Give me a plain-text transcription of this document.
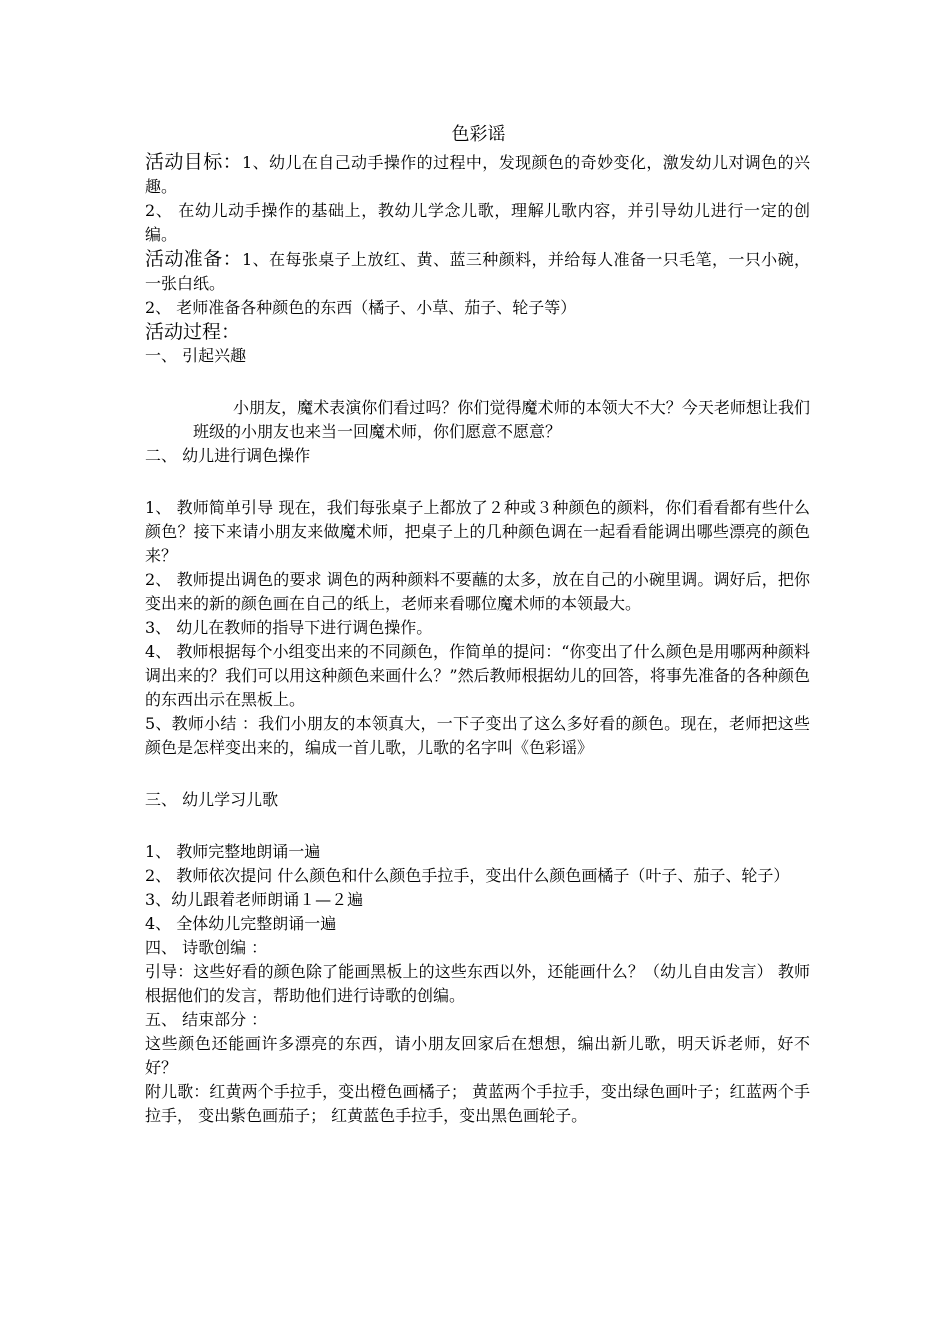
色彩谣

活动目标：1、幼儿在自己动手操作的过程中，发现颜色的奇妙变化，激发幼儿对调色的兴趣。

2、 在幼儿动手操作的基础上，教幼儿学念儿歌，理解儿歌内容，并引导幼儿进行一定的创编。

活动准备：1、在每张桌子上放红、黄、蓝三种颜料，并给每人准备一只毛笔，一只小碗， 一张白纸。

2、 老师准备各种颜色的东西（橘子、小草、茄子、轮子等）

活动过程：

一、 引起兴趣

小朋友，魔术表演你们看过吗？你们觉得魔术师的本领大不大？今天老师想让我们班级的小朋友也来当一回魔术师，你们愿意不愿意？

二、 幼儿进行调色操作

1、 教师简单引导 现在，我们每张桌子上都放了２种或３种颜色的颜料，你们看看都有些什么颜色？接下来请小朋友来做魔术师，把桌子上的几种颜色调在一起看看能调出哪些漂亮的颜色来？

2、 教师提出调色的要求 调色的两种颜料不要蘸的太多，放在自己的小碗里调。调好后，把你变出来的新的颜色画在自己的纸上，老师来看哪位魔术师的本领最大。

3、 幼儿在教师的指导下进行调色操作。

4、 教师根据每个小组变出来的不同颜色，作简单的提问：“你变出了什么颜色是用哪两种颜料调出来的？我们可以用这种颜色来画什么？”然后教师根据幼儿的回答，将事先准备的各种颜色的东西出示在黑板上。

5、教师小结 ：我们小朋友的本领真大，一下子变出了这么多好看的颜色。现在，老师把这些颜色是怎样变出来的，编成一首儿歌，儿歌的名字叫《色彩谣》

三、 幼儿学习儿歌

1、 教师完整地朗诵一遍

2、 教师依次提问 什么颜色和什么颜色手拉手，变出什么颜色画橘子（叶子、茄子、轮子）

3、幼儿跟着老师朗诵１—２遍

4、 全体幼儿完整朗诵一遍

四、 诗歌创编 ：

引导：这些好看的颜色除了能画黑板上的这些东西以外，还能画什么？（幼儿自由发言） 教师根据他们的发言，帮助他们进行诗歌的创编。

五、 结束部分 ：

这些颜色还能画许多漂亮的东西，请小朋友回家后在想想，编出新儿歌，明天诉老师，好不好？

附儿歌：红黄两个手拉手，变出橙色画橘子； 黄蓝两个手拉手，变出绿色画叶子；红蓝两个手拉手， 变出紫色画茄子； 红黄蓝色手拉手，变出黑色画轮子。
